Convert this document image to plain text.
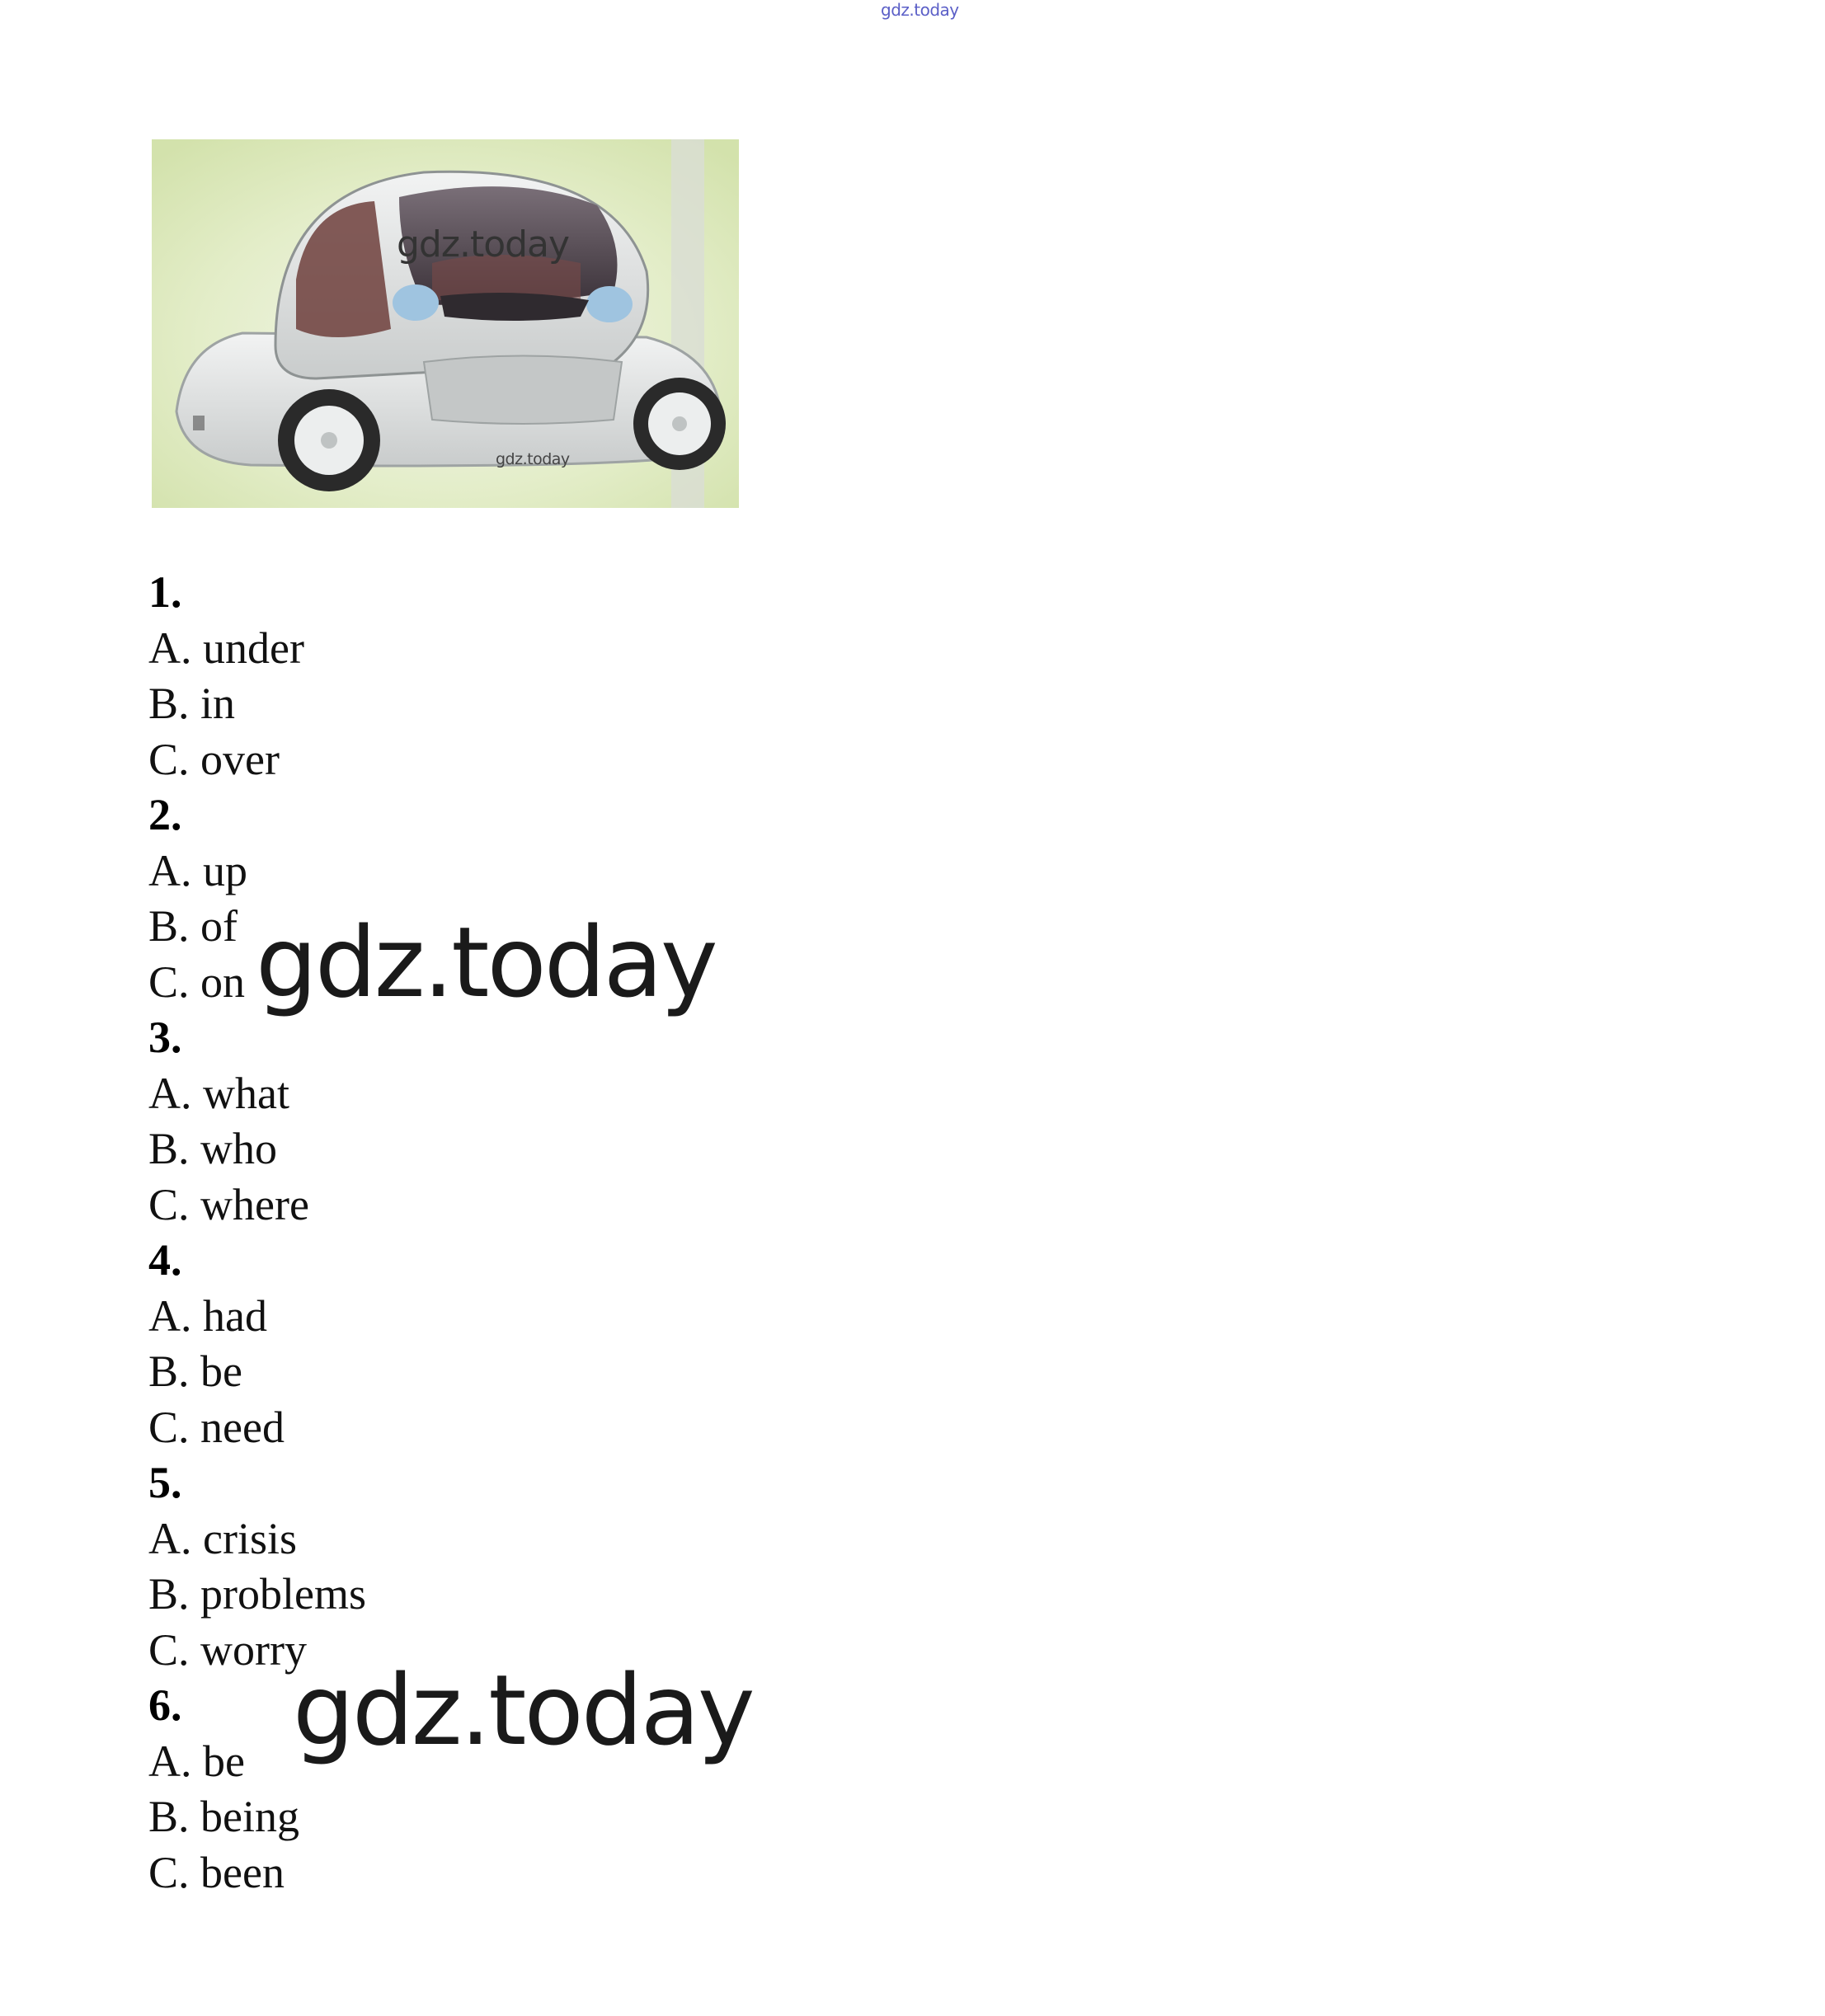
gdz.today
gdz.today
gdz.today
1.
A. under
B. in
C. over
2.
A. up
B. of
C. on
3.
A. what
B. who
C. where
4.
A. had
B. be
C. need
5.
A. crisis
B. problems
C. worry
6.
A. be
B. being
C. been
gdz.today
gdz.today
